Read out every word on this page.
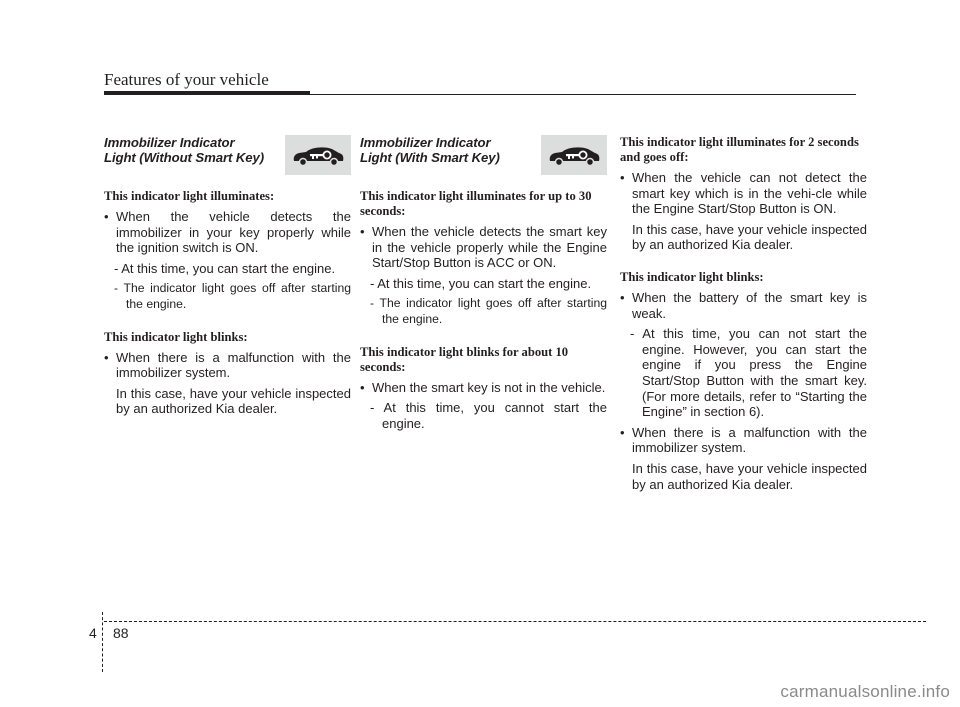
Features of your vehicle
Immobilizer Indicator
Light (Without Smart Key)

This indicator light illuminates:

• When the vehicle detects the immobilizer in your key properly while the ignition switch is ON.

- At this time, you can start the engine.

- The indicator light goes off after starting the engine.

This indicator light blinks:

• When there is a malfunction with the immobilizer system.

In this case, have your vehicle inspected by an authorized Kia dealer.

Immobilizer Indicator
Light (With Smart Key)

This indicator light illuminates for up to 30 seconds:

• When the vehicle detects the smart key in the vehicle properly while the Engine Start/Stop Button is ACC or ON.

- At this time, you can start the engine.

- The indicator light goes off after starting the engine.

This indicator light blinks for about 10 seconds:

• When the smart key is not in the vehicle.

- At this time, you cannot start the engine.

This indicator light illuminates for 2 seconds and goes off:

• When the vehicle can not detect the smart key which is in the vehi-cle while the Engine Start/Stop Button is ON.

In this case, have your vehicle inspected by an authorized Kia dealer.

This indicator light blinks:

• When the battery of the smart key is weak.

- At this time, you can not start the engine. However, you can start the engine if you press the Engine Start/Stop Button with the smart key. (For more details, refer to “Starting the Engine” in section 6).

• When there is a malfunction with the immobilizer system.

In this case, have your vehicle inspected by an authorized Kia dealer.

4 88
carmanualsonline.info
